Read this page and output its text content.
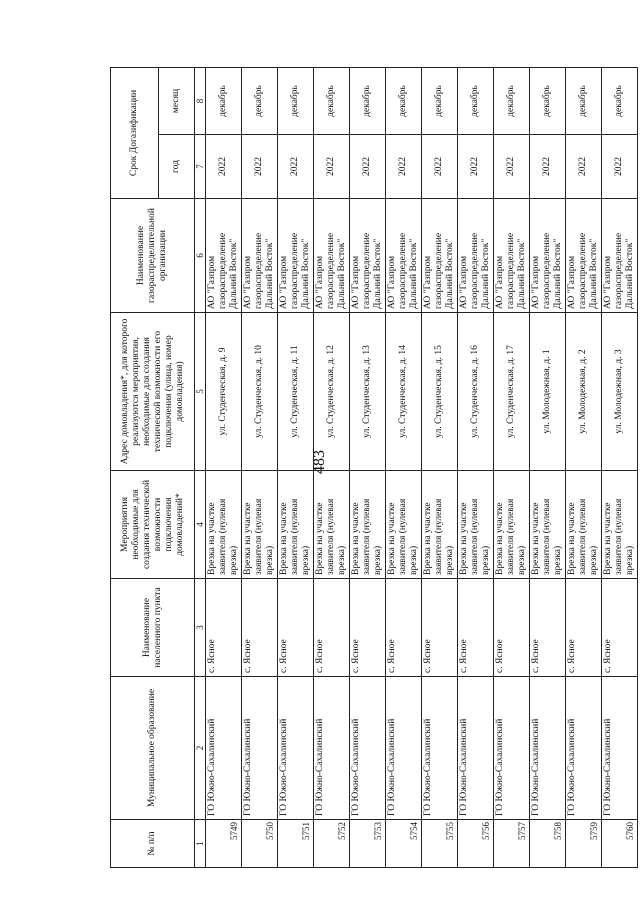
483
№ п/п	Муниципальное образование	Наименование населенного пункта	Мероприятия необходимые для создания технической возможности подключения домовладений*	Адрес домовладения*, для которого реализуются мероприятия, необходимые для создания технической возможности его подключения (улица, номер домовладения)	Наименование газораспределительной организации	Срок Догазификации	
						год	месяц
1	2	3	4	5	6	7	8
5749	ГО Южно-Сахалинский	с. Ясное	Врезка на участке заявителя (нулевая врезка)	ул. Студенческая, д. 9	АО "Газпром газораспределение Дальний Восток"	2022	декабрь
5750	ГО Южно-Сахалинский	с. Ясное	Врезка на участке заявителя (нулевая врезка)	ул. Студенческая, д. 10	АО "Газпром газораспределение Дальний Восток"	2022	декабрь
5751	ГО Южно-Сахалинский	с. Ясное	Врезка на участке заявителя (нулевая врезка)	ул. Студенческая, д. 11	АО "Газпром газораспределение Дальний Восток"	2022	декабрь
5752	ГО Южно-Сахалинский	с. Ясное	Врезка на участке заявителя (нулевая врезка)	ул. Студенческая, д. 12	АО "Газпром газораспределение Дальний Восток"	2022	декабрь
5753	ГО Южно-Сахалинский	с. Ясное	Врезка на участке заявителя (нулевая врезка)	ул. Студенческая, д. 13	АО "Газпром газораспределение Дальний Восток"	2022	декабрь
5754	ГО Южно-Сахалинский	с. Ясное	Врезка на участке заявителя (нулевая врезка)	ул. Студенческая, д. 14	АО "Газпром газораспределение Дальний Восток"	2022	декабрь
5755	ГО Южно-Сахалинский	с. Ясное	Врезка на участке заявителя (нулевая врезка)	ул. Студенческая, д. 15	АО "Газпром газораспределение Дальний Восток"	2022	декабрь
5756	ГО Южно-Сахалинский	с. Ясное	Врезка на участке заявителя (нулевая врезка)	ул. Студенческая, д. 16	АО "Газпром газораспределение Дальний Восток"	2022	декабрь
5757	ГО Южно-Сахалинский	с. Ясное	Врезка на участке заявителя (нулевая врезка)	ул. Студенческая, д. 17	АО "Газпром газораспределение Дальний Восток"	2022	декабрь
5758	ГО Южно-Сахалинский	с. Ясное	Врезка на участке заявителя (нулевая врезка)	ул. Молодежная, д. 1	АО "Газпром газораспределение Дальний Восток"	2022	декабрь
5759	ГО Южно-Сахалинский	с. Ясное	Врезка на участке заявителя (нулевая врезка)	ул. Молодежная, д. 2	АО "Газпром газораспределение Дальний Восток"	2022	декабрь
5760	ГО Южно-Сахалинский	с. Ясное	Врезка на участке заявителя (нулевая врезка)	ул. Молодежная, д. 3	АО "Газпром газораспределение Дальний Восток"	2022	декабрь
